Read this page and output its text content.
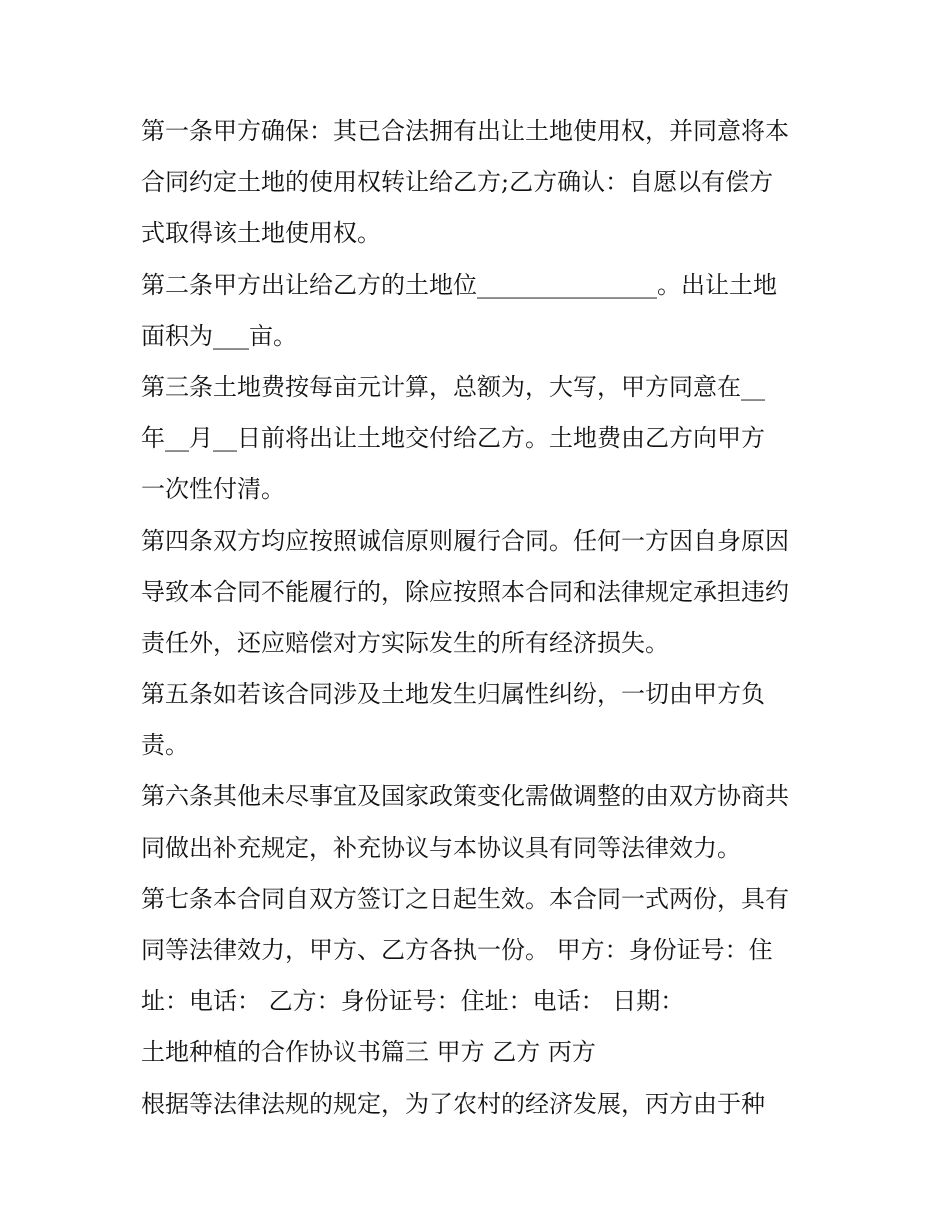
第一条甲方确保：其已合法拥有出让土地使用权，并同意将本
合同约定土地的使用权转让给乙方;乙方确认：自愿以有偿方
式取得该土地使用权。
第二条甲方出让给乙方的土地位_______________。出让土地
面积为___亩。
第三条土地费按每亩元计算，总额为，大写，甲方同意在__
年__月__日前将出让土地交付给乙方。土地费由乙方向甲方
一次性付清。
第四条双方均应按照诚信原则履行合同。任何一方因自身原因
导致本合同不能履行的，除应按照本合同和法律规定承担违约
责任外，还应赔偿对方实际发生的所有经济损失。
第五条如若该合同涉及土地发生归属性纠纷，一切由甲方负
责。
第六条其他未尽事宜及国家政策变化需做调整的由双方协商共
同做出补充规定，补充协议与本协议具有同等法律效力。
第七条本合同自双方签订之日起生效。本合同一式两份，具有
同等法律效力，甲方、乙方各执一份。 甲方：身份证号：住
址：电话： 乙方：身份证号：住址：电话： 日期：
土地种植的合作协议书篇三 甲方 乙方 丙方
根据等法律法规的规定，为了农村的经济发展，丙方由于种
